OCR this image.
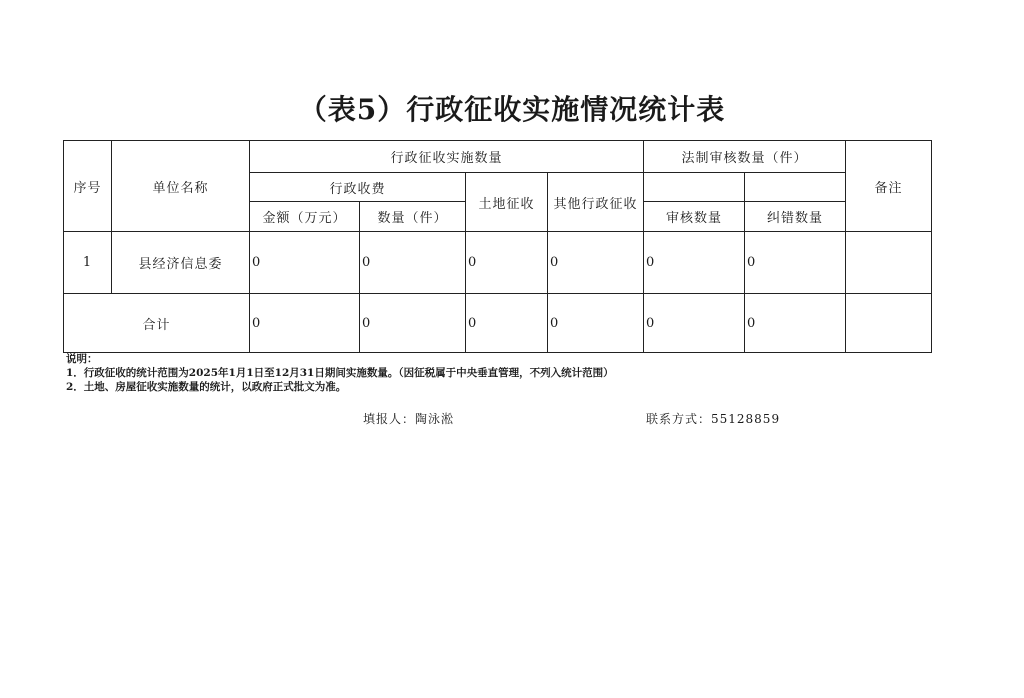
（表5）行政征收实施情况统计表
序号	单位名称	行政征收实施数量				法制审核数量（件）		备注
		行政收费		土地征收	其他行政征收			
		金额（万元）	数量（件）			审核数量	纠错数量	
1	县经济信息委	0	0	0	0	0	0	
合计		0	0	0	0	0	0	
说明：
1．行政征收的统计范围为2025年1月1日至12月31日期间实施数量。（因征税属于中央垂直管理，不列入统计范围）
2．土地、房屋征收实施数量的统计，以政府正式批文为准。
填报人：陶泳淞	联系方式：55128859
